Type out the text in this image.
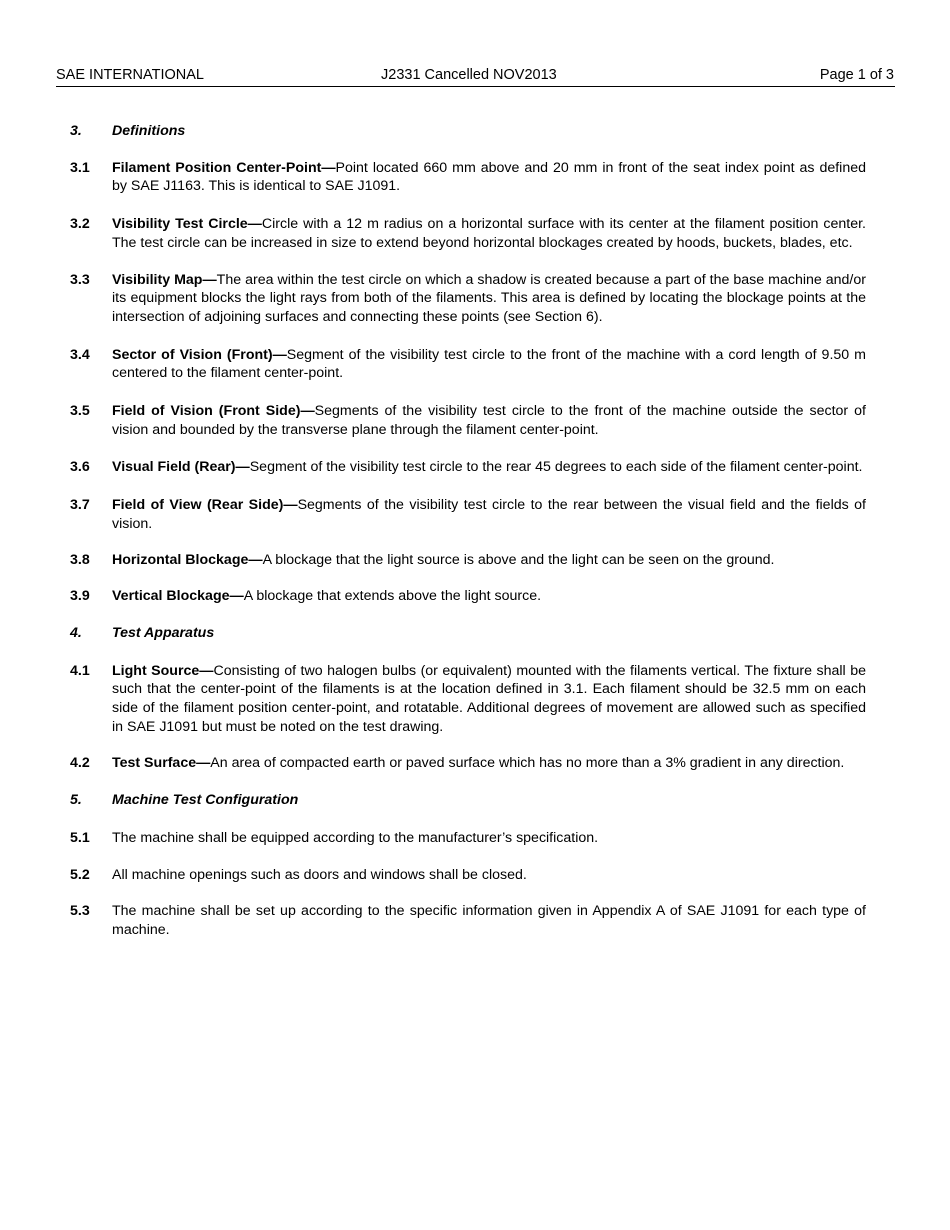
SAE INTERNATIONAL	J2331 Cancelled NOV2013	Page 1 of 3

3. Definitions

3.1 Filament Position Center-Point—Point located 660 mm above and 20 mm in front of the seat index point as defined by SAE J1163. This is identical to SAE J1091.

3.2 Visibility Test Circle—Circle with a 12 m radius on a horizontal surface with its center at the filament position center. The test circle can be increased in size to extend beyond horizontal blockages created by hoods, buckets, blades, etc.

3.3 Visibility Map—The area within the test circle on which a shadow is created because a part of the base machine and/or its equipment blocks the light rays from both of the filaments. This area is defined by locating the blockage points at the intersection of adjoining surfaces and connecting these points (see Section 6).

3.4 Sector of Vision (Front)—Segment of the visibility test circle to the front of the machine with a cord length of 9.50 m centered to the filament center-point.

3.5 Field of Vision (Front Side)—Segments of the visibility test circle to the front of the machine outside the sector of vision and bounded by the transverse plane through the filament center-point.

3.6 Visual Field (Rear)—Segment of the visibility test circle to the rear 45 degrees to each side of the filament center-point.

3.7 Field of View (Rear Side)—Segments of the visibility test circle to the rear between the visual field and the fields of vision.

3.8 Horizontal Blockage—A blockage that the light source is above and the light can be seen on the ground.

3.9 Vertical Blockage—A blockage that extends above the light source.

4. Test Apparatus

4.1 Light Source—Consisting of two halogen bulbs (or equivalent) mounted with the filaments vertical. The fixture shall be such that the center-point of the filaments is at the location defined in 3.1. Each filament should be 32.5 mm on each side of the filament position center-point, and rotatable. Additional degrees of movement are allowed such as specified in SAE J1091 but must be noted on the test drawing.

4.2 Test Surface—An area of compacted earth or paved surface which has no more than a 3% gradient in any direction.

5. Machine Test Configuration

5.1 The machine shall be equipped according to the manufacturer’s specification.

5.2 All machine openings such as doors and windows shall be closed.

5.3 The machine shall be set up according to the specific information given in Appendix A of SAE J1091 for each type of machine.
